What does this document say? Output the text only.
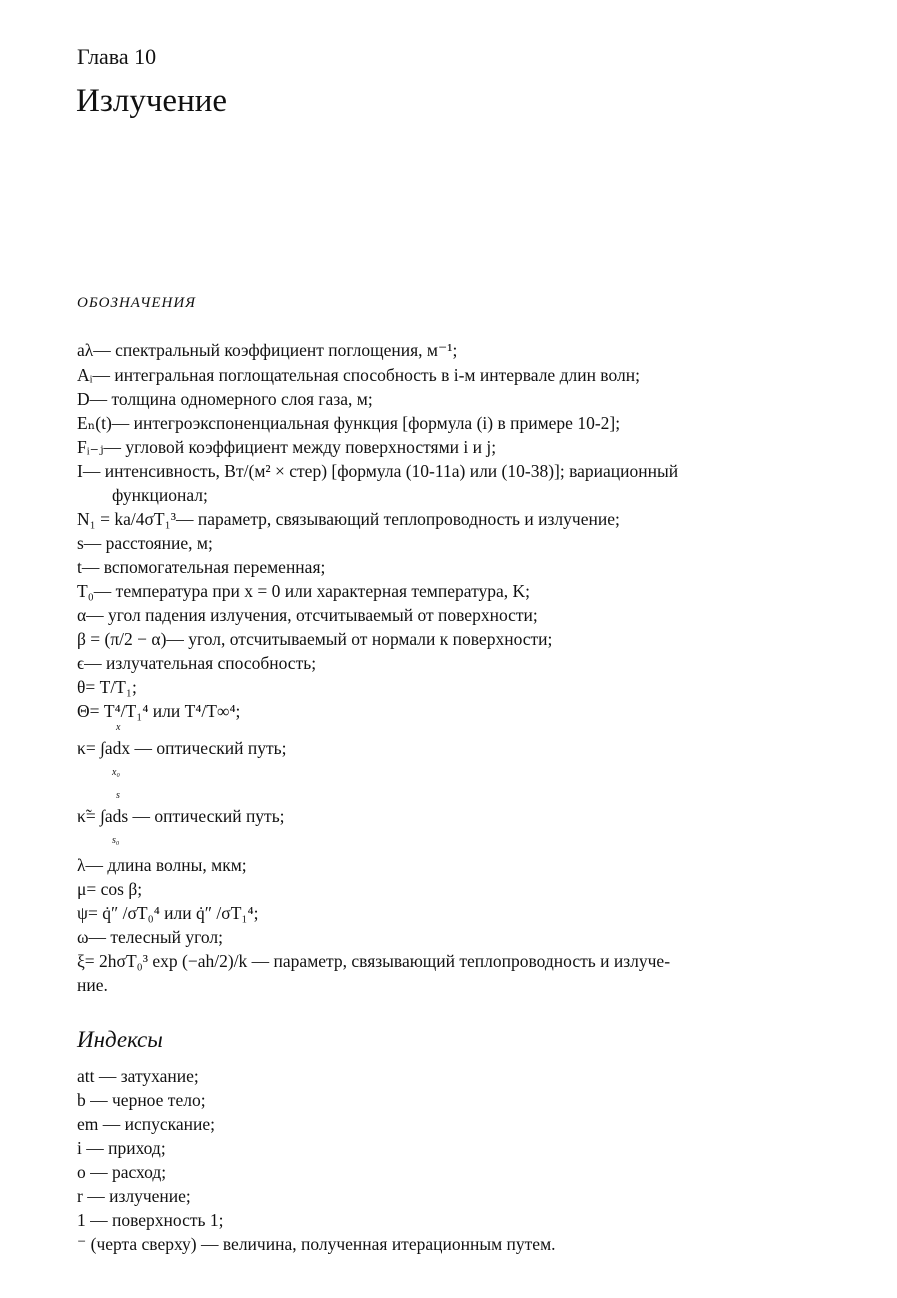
Глава 10
Излучение
ОБОЗНАЧЕНИЯ
aλ— спектральный коэффициент поглощения, м⁻¹;
Aᵢ— интегральная поглощательная способность в i-м интервале длин волн;
D— толщина одномерного слоя газа, м;
Eₙ(t)— интегроэкспоненциальная функция [формула (i) в примере 10-2];
Fᵢ₋ⱼ— угловой коэффициент между поверхностями i и j;
I— интенсивность, Вт/(м² × стер) [формула (10-11a) или (10-38)]; вариационный
функционал;
N₁ = ka/4σT₁³— параметр, связывающий теплопроводность и излучение;
s— расстояние, м;
t— вспомогательная переменная;
T₀— температура при x = 0 или характерная температура, K;
α— угол падения излучения, отсчитываемый от поверхности;
β = (π/2 − α)— угол, отсчитываемый от нормали к поверхности;
ϵ— излучательная способность;
θ= T/T₁;
Θ= T⁴/T₁⁴ или T⁴/T∞⁴;
x
κ= ∫adx — оптический путь;
x₀
s
κ̃= ∫ads — оптический путь;
s₀
λ— длина волны, мкм;
μ= cos β;
ψ= q̇″ /σT₀⁴ или q̇″ /σT₁⁴;
ω— телесный угол;
ξ= 2hσT₀³ exp (−ah/2)/k — параметр, связывающий теплопроводность и излуче-
ние.
Индексы
att — затухание;
b — черное тело;
em — испускание;
i — приход;
o — расход;
r — излучение;
1 — поверхность 1;
⁻ (черта сверху) — величина, полученная итерационным путем.
